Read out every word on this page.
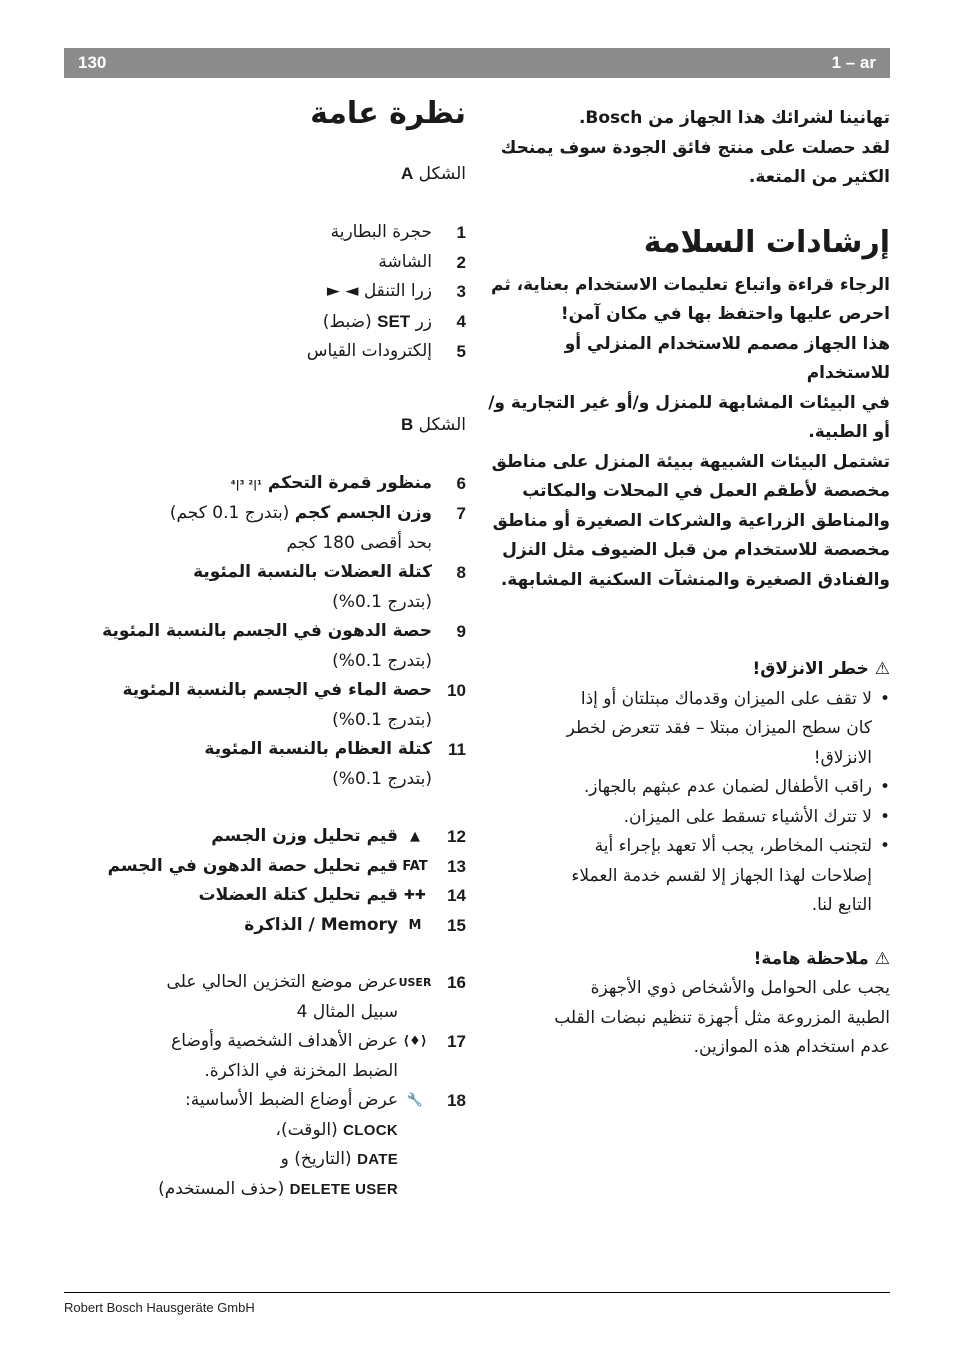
130	1 – ar

تهانينا لشرائك هذا الجهاز من Bosch.

لقد حصلت على منتج فائق الجودة سوف يمنحك

الكثير من المتعة.

إرشادات السلامة

الرجاء قراءة واتباع تعليمات الاستخدام بعناية، ثم

احرص عليها واحتفظ بها في مكان آمن!

هذا الجهاز مصمم للاستخدام المنزلي أو للاستخدام

في البيئات المشابهة للمنزل و/أو غير التجارية و/

أو الطبية.

تشتمل البيئات الشبيهة ببيئة المنزل على مناطق

مخصصة لأطقم العمل في المحلات والمكاتب

والمناطق الزراعية والشركات الصغيرة أو مناطق

مخصصة للاستخدام من قبل الضيوف مثل النزل

والفنادق الصغيرة والمنشآت السكنية المشابهة.

⚠ خطر الانزلاق!

• لا تقف على الميزان وقدماك مبتلتان أو إذا
كان سطح الميزان مبتلا – فقد تتعرض لخطر
الانزلاق!
• راقب الأطفال لضمان عدم عبثهم بالجهاز.
• لا تترك الأشياء تسقط على الميزان.
• لتجنب المخاطر، يجب ألا تعهد بإجراء أية
إصلاحات لهذا الجهاز إلا لقسم خدمة العملاء
التابع لنا.

⚠ ملاحظة هامة!

يجب على الحوامل والأشخاص ذوي الأجهزة

الطبية المزروعة مثل أجهزة تنظيم نبضات القلب

عدم استخدام هذه الموازين.

نظرة عامة

الشكل A

1
حجرة البطارية
2
الشاشة
3
زرا التنقل ◄ ►
4
زر SET (ضبط)
5
إلكترودات القياس

الشكل B

6
منظور قمرة التحكم ¹|² ³|⁴
7
وزن الجسم كجم (بتدرج 0.1 كجم)
بحد أقصى 180 كجم
8
كتلة العضلات بالنسبة المئوية
(بتدرج 0.1%)
9
حصة الدهون في الجسم بالنسبة المئوية
(بتدرج 0.1%)
10
حصة الماء في الجسم بالنسبة المئوية
(بتدرج 0.1%)
11
كتلة العظام بالنسبة المئوية
(بتدرج 0.1%)
12
▲
قيم تحليل وزن الجسم
13
FAT
قيم تحليل حصة الدهون في الجسم
14
✚✚
قيم تحليل كتلة العضلات
15
M
Memory / الذاكرة
16
USER
عرض موضع التخزين الحالي على
سبيل المثال 4
17
⟨♦⟩
عرض الأهداف الشخصية وأوضاع
الضبط المخزنة في الذاكرة.
18
🔧
عرض أوضاع الضبط الأساسية:
CLOCK (الوقت)،
DATE (التاريخ) و
DELETE USER (حذف المستخدم)
Robert Bosch Hausgeräte GmbH
